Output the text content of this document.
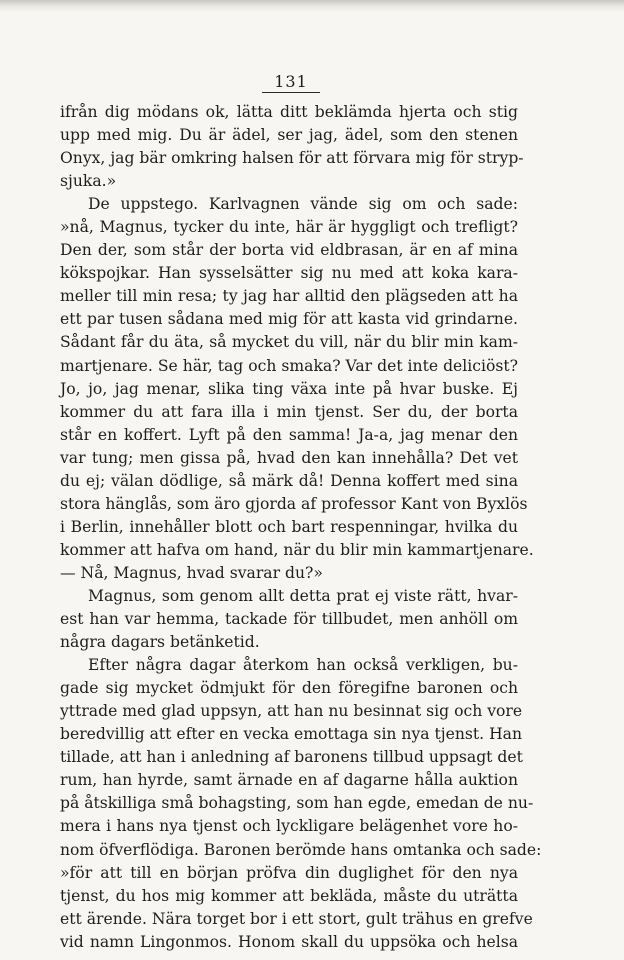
131
ifrån dig mödans ok, lätta ditt beklämda hjerta och stig
upp med mig. Du är ädel, ser jag, ädel, som den stenen
Onyx, jag bär omkring halsen för att förvara mig för stryp-
sjuka.»
De uppstego. Karlvagnen vände sig om och sade:
»nå, Magnus, tycker du inte, här är hyggligt och trefligt?
Den der, som står der borta vid eldbrasan, är en af mina
kökspojkar. Han sysselsätter sig nu med att koka kara-
meller till min resa; ty jag har alltid den plägseden att ha
ett par tusen sådana med mig för att kasta vid grindarne.
Sådant får du äta, så mycket du vill, när du blir min kam-
martjenare. Se här, tag och smaka? Var det inte deliciöst?
Jo, jo, jag menar, slika ting växa inte på hvar buske. Ej
kommer du att fara illa i min tjenst. Ser du, der borta
står en koffert. Lyft på den samma! Ja-a, jag menar den
var tung; men gissa på, hvad den kan innehålla? Det vet
du ej; välan dödlige, så märk då! Denna koffert med sina
stora hänglås, som äro gjorda af professor Kant von Byxlös
i Berlin, innehåller blott och bart respenningar, hvilka du
kommer att hafva om hand, när du blir min kammartjenare.
— Nå, Magnus, hvad svarar du?»
Magnus, som genom allt detta prat ej viste rätt, hvar-
est han var hemma, tackade för tillbudet, men anhöll om
några dagars betänketid.
Efter några dagar återkom han också verkligen, bu-
gade sig mycket ödmjukt för den föregifne baronen och
yttrade med glad uppsyn, att han nu besinnat sig och vore
beredvillig att efter en vecka emottaga sin nya tjenst. Han
tillade, att han i anledning af baronens tillbud uppsagt det
rum, han hyrde, samt ärnade en af dagarne hålla auktion
på åtskilliga små bohagsting, som han egde, emedan de nu-
mera i hans nya tjenst och lyckligare belägenhet vore ho-
nom öfverflödiga. Baronen berömde hans omtanka och sade:
»för att till en början pröfva din duglighet för den nya
tjenst, du hos mig kommer att bekläda, måste du uträtta
ett ärende. Nära torget bor i ett stort, gult trähus en grefve
vid namn Lingonmos. Honom skall du uppsöka och helsa
